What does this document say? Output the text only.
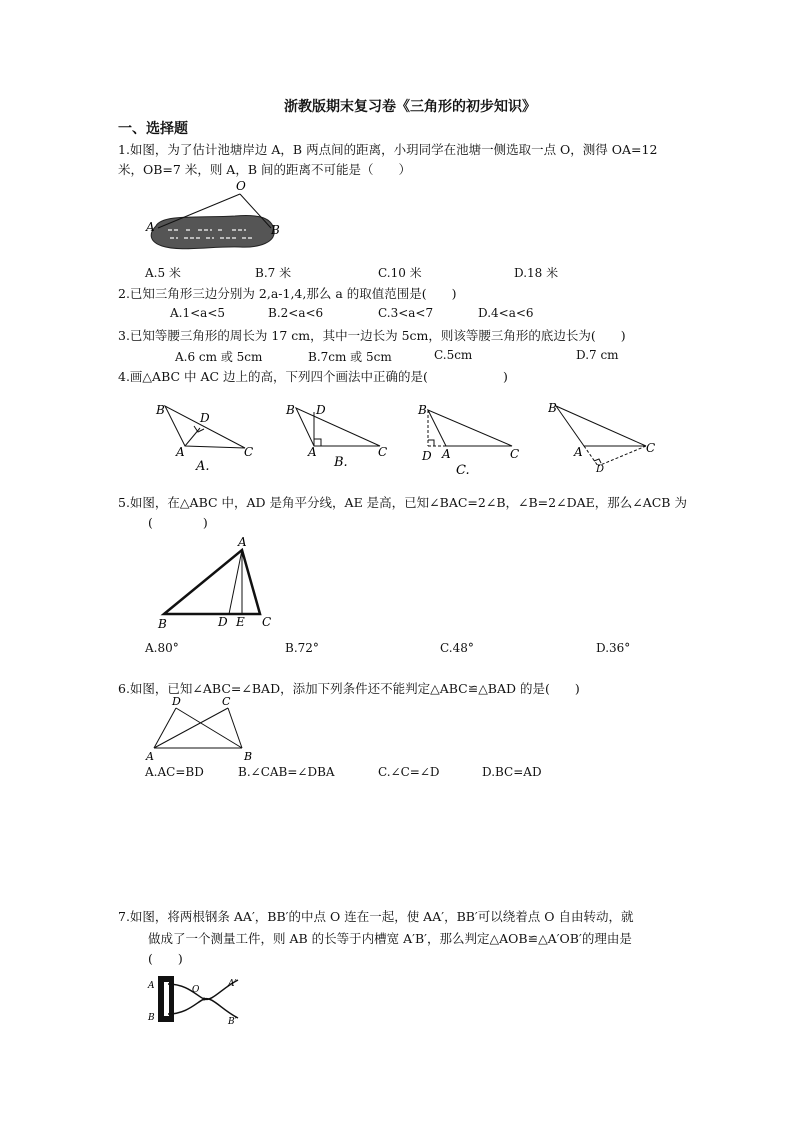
浙教版期末复习卷《三角形的初步知识》
一、选择题
1.如图，为了估计池塘岸边 A，B 两点间的距离，小玥同学在池塘一侧选取一点 O，测得 OA=12
米，OB=7 米，则 A，B 间的距离不可能是（　　）
O
A	B
A.5 米	B.7 米	C.10 米	D.18 米
2.已知三角形三边分别为 2,a-1,4,那么 a 的取值范围是(　　)
A.1<a<5	B.2<a<6	C.3<a<7	D.4<a<6
3.已知等腰三角形的周长为 17 cm，其中一边长为 5cm，则该等腰三角形的底边长为(　　)
A.6 cm 或 5cm	B.7cm 或 5cm	C.5cm	D.7 cm
4.画△ABC 中 AC 边上的高，下列四个画法中正确的是(　　　　　　)
B
D
A	C
A.
B D
A	C
B.
B
D A	C
C.
B
A	C
D
5.如图，在△ABC 中，AD 是角平分线，AE 是高，已知∠BAC=2∠B，∠B=2∠DAE，那么∠ACB 为
(　　　　)
A
B	D E C
A.80°	B.72°	C.48°	D.36°
6.如图，已知∠ABC=∠BAD，添加下列条件还不能判定△ABC≌△BAD 的是(　　)
D	C
A	B
A.AC=BD	B.∠CAB=∠DBA	C.∠C=∠D	D.BC=AD
7.如图，将两根钢条 AA′，BB′的中点 O 连在一起，使 AA′，BB′可以绕着点 O 自由转动，就
做成了一个测量工件，则 AB 的长等于内槽宽 A′B′，那么判定△AOB≌△A′OB′的理由是
(　　)
A
B
O
A′
B′
